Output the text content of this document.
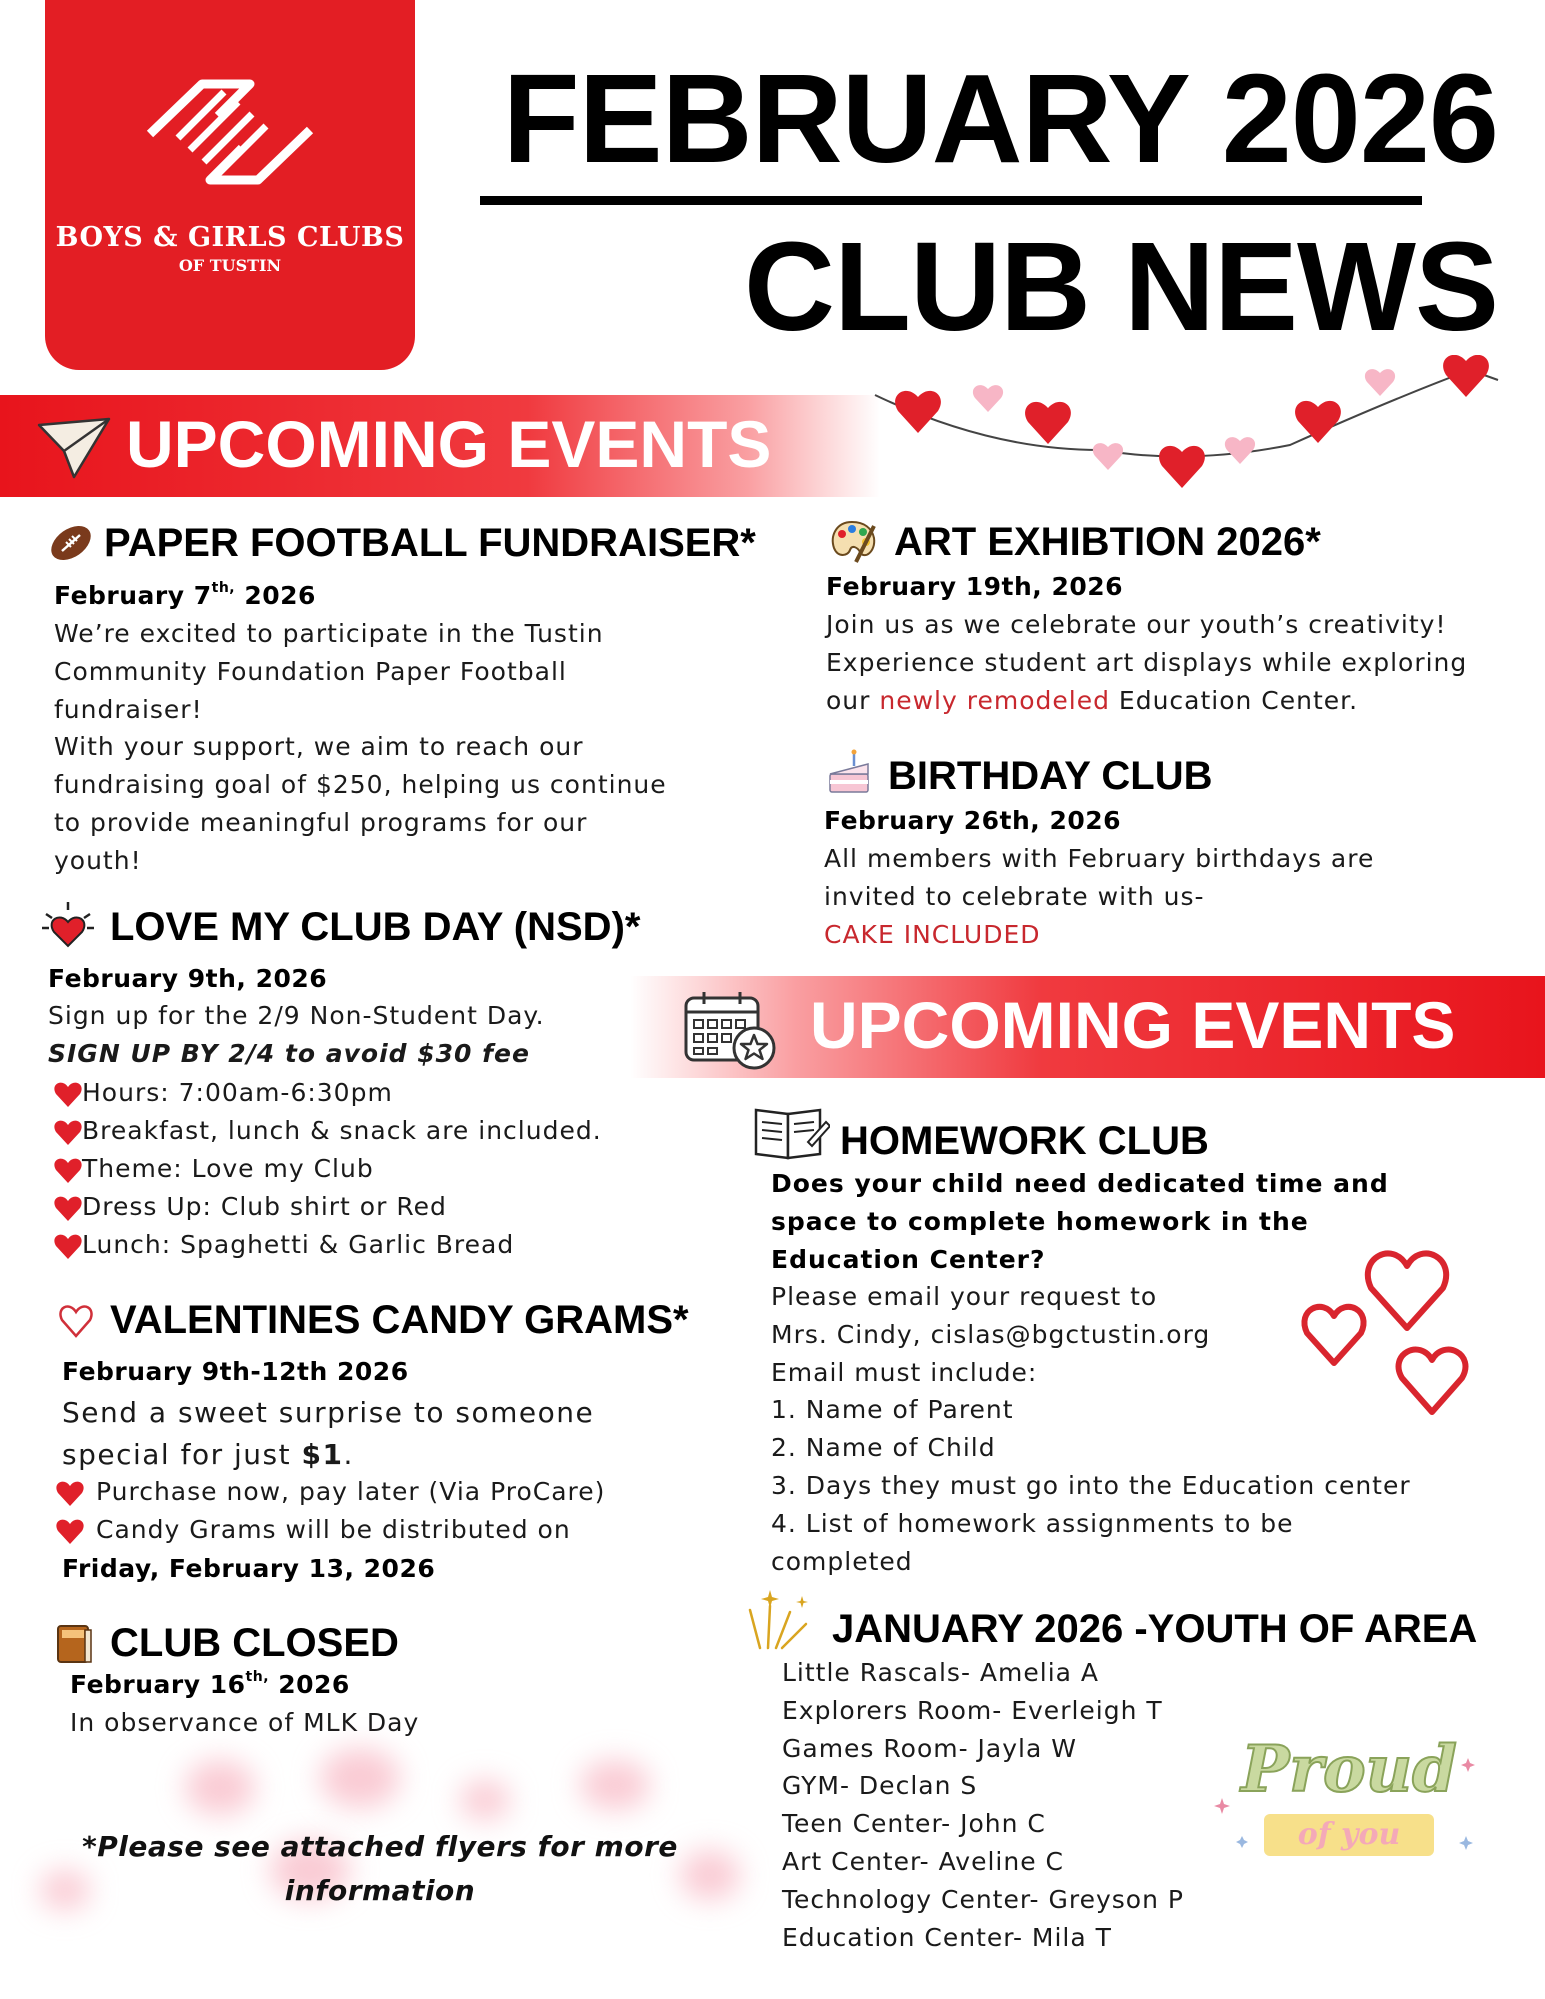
BOYS & GIRLS CLUBS
OF TUSTIN
FEBRUARY 2026
CLUB NEWS
UPCOMING EVENTS
PAPER FOOTBALL FUNDRAISER*
February $7^{th,}$ 2026
We’re excited to participate in the Tustin
Community Foundation Paper Football
fundraiser!
With your support, we aim to reach our
fundraising goal of $250, helping us continue
to provide meaningful programs for our
youth!
LOVE MY CLUB DAY (NSD)*
February 9th, 2026
Sign up for the 2/9 Non-Student Day.
SIGN UP BY 2/4 to avoid $30 fee
Hours: 7:00am-6:30pm
Breakfast, lunch & snack are included.
Theme: Love my Club
Dress Up: Club shirt or Red
Lunch: Spaghetti & Garlic Bread
VALENTINES CANDY GRAMS*
February 9th-12th 2026
Send a sweet surprise to someone
special for just $1.
Purchase now, pay later (Via ProCare)
Candy Grams will be distributed on
Friday, February 13, 2026
CLUB CLOSED
February $16^{th,}$ 2026
In observance of MLK Day
*Please see attached flyers for more
information
ART EXHIBTION 2026*
February 19th, 2026
Join us as we celebrate our youth’s creativity!
Experience student art displays while exploring
our newly remodeled Education Center.
BIRTHDAY CLUB
February 26th, 2026
All members with February birthdays are
invited to celebrate with us-
CAKE INCLUDED
UPCOMING EVENTS
HOMEWORK CLUB
Does your child need dedicated time and
space to complete homework in the
Education Center?
Please email your request to
Mrs. Cindy, cislas@bgctustin.org
Email must include:
1. Name of Parent
2. Name of Child
3. Days they must go into the Education center
4. List of homework assignments to be
completed
JANUARY 2026 -YOUTH OF AREA
Little Rascals- Amelia A
Explorers Room- Everleigh T
Games Room- Jayla W
GYM- Declan S
Teen Center- John C
Art Center- Aveline C
Technology Center- Greyson P
Education Center- Mila T
Proud
of you
